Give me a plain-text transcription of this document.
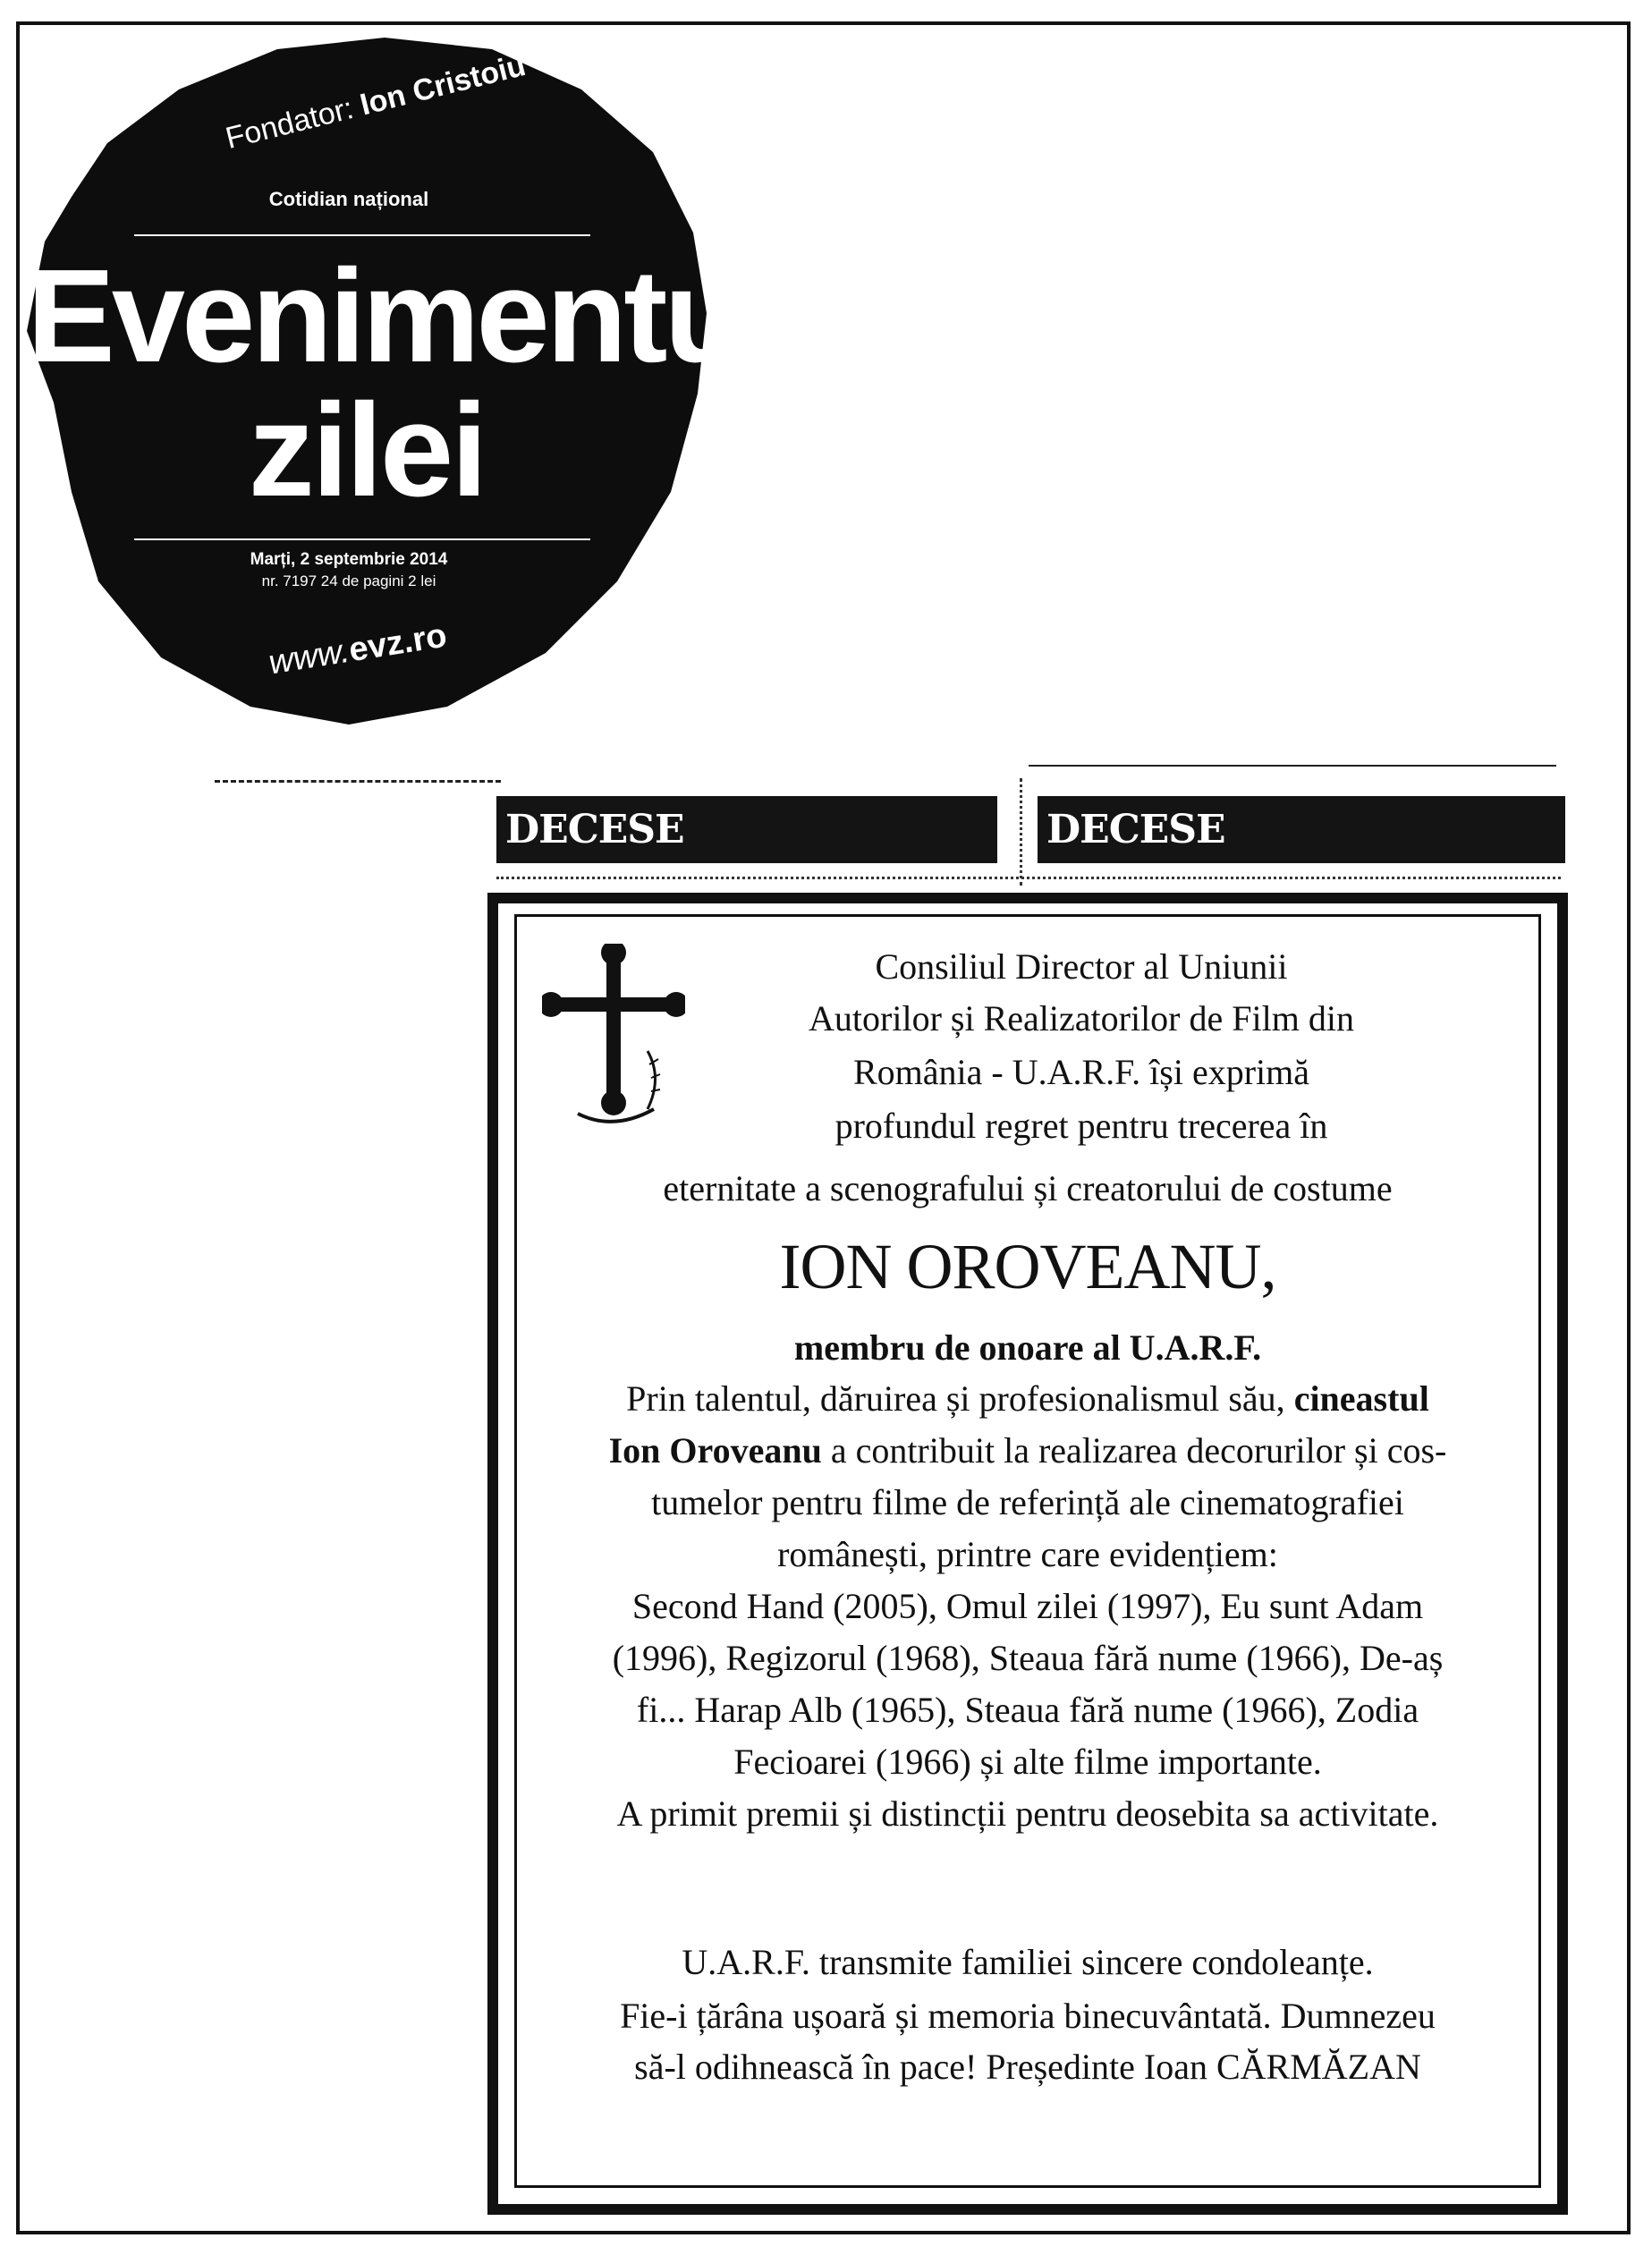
Fondator: Ion Cristoiu
Cotidian național
Evenimentul
zilei
Marți, 2 septembrie 2014
nr. 7197 24 de pagini 2 lei
www.evz.ro
DECESE	DECESE
Consiliul Director al Uniunii
Autorilor și Realizatorilor de Film din
România - U.A.R.F. își exprimă
profundul regret pentru trecerea în
eternitate a scenografului și creatorului de costume
ION OROVEANU,
membru de onoare al U.A.R.F.
Prin talentul, dăruirea și profesionalismul său, cineastul
Ion Oroveanu a contribuit la realizarea decorurilor și cos-
tumelor pentru filme de referință ale cinematografiei
românești, printre care evidențiem:
Second Hand (2005), Omul zilei (1997), Eu sunt Adam
(1996), Regizorul (1968), Steaua fără nume (1966), De-aș
fi... Harap Alb (1965), Steaua fără nume (1966), Zodia
Fecioarei (1966) și alte filme importante.
A primit premii și distincții pentru deosebita sa activitate.
U.A.R.F. transmite familiei sincere condoleanțe.
Fie-i țărâna ușoară și memoria binecuvântată. Dumnezeu
să-l odihnească în pace! Președinte Ioan CĂRMĂZAN
